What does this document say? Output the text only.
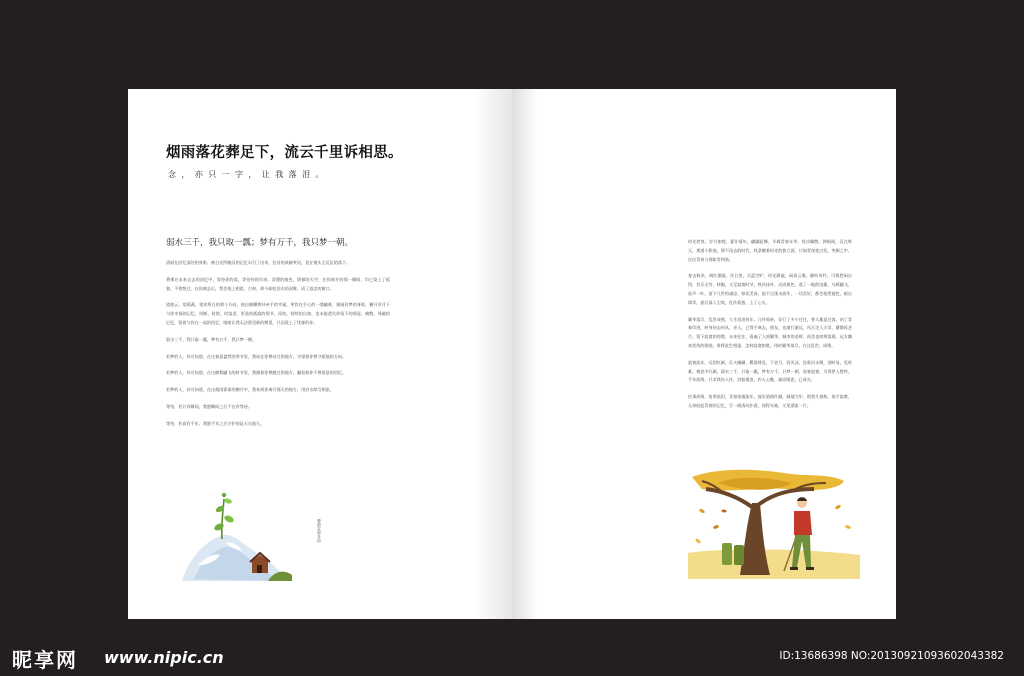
烟雨落花葬足下，流云千里诉相思。

念，亦只一字，让我落泪。

弱水三千，我只取一瓢；梦有万千，我只梦一朝。

清丽在回忆深处的身影，被日光所触及的记忆勾引了出来，往昔的欢颜笑语，竟在镜头尘沉沉的落下。

将那在未来去去的回忆中，等待你的爱，等待你的归来，淡墨的痕色，阴郁的天空，在你离开的那一瞬间，均已染上了孤独，不曾想过，在你离去后，我会染上相思，古料，却今却挂泪水的双眸，成了悬念的窗口。

望旅云，望孤燕，望你所在的那个方向，独自细嚼曾经牵手的幸福，笑饮在手心的一缕幽香，刻画若梦的身影，横开岁月下与你幸福的记忆，时断，时续，时落泪，更选的孤寂的情节，再快，持续的自如，也未能遗失你留下的情意，痛散，残破的记忆，留着与你在一起的回忆，咱咱让我无法重见新的期望，只因爱上了忧郁的你。

弱水三千，我只取一瓢，梦有万千，我只梦一朝。

若梦的人，你可知道，在这春意盎然的季节里，我站在你曾站过的地方，守望着你曾守望他的方向。

若梦的人，你可知道，在这柳絮翩飞的时节里，我湖着你曾踱过的地方，翻看着你不曾留意的回忆。

若梦的人，你可知道，在这烟雨霏霏的横月中，我来到你离开那天的地方，用泪水续写相思。

等待，若只有瞬间，我愿瞬间之后不在有等待。

等待，若真有千年，我愿千年之后守护的是天长地久。

曾经在岁月中

时光荏苒，岁月如梭，素什情年，翩翩起舞，半载青春年华，恍沙飘散，弹指间，沉在昨天，那道斗影他，那不再去的时代，线条缠着时光的独立面，只如青丝变白发，笑颜之中，泛泛青春与那如青和谐。

春去秋来，凋红潮落，往日里，天蓝空旷，时光静谧，闲看云霭，静听风吟，可调悠闲自得，其乐无穷，转眼，又至寂寞时节，秋风抚叶，泛成黄色，落了一地的沧桑，乌鸦翻飞，驻声一叶，留下几世的凄凉，如花美眷，似不过现水流年，一切美好，都会依然褪色，暗自调零，最后落入尘埃，化作孤独，上了心头。

繁华落尽，乱世成殇，人生坦坦何年，几经周转，穿行了多少过往，曾人都是过客，初了青春印迹，转身何去何从，亲人，已得手离去，朋友，也渐行渐远，风天定人天零，繁散再芝芒，留下寂寞的惊散，未来往往，看遍了人间繁华，城市的金辉，再美也终将落幕，远方飘来忧伤的歌曲，谁将此生相逢，怎料寂寞如歌，待时繁华落尽，在这乱世，成殇。

寂寞流年，远别红颜，灯火阑珊，羁准将息，下老月，西风凉，赴谁河永期，别时易，见时难，相思多红颜，弱水三千，只取一瓢，梦有万千，只梦一朝，表寒寂寞，为得伊人憔悴，千年落殇，只求我你入怀，泪如烟浪，约人心酷，凄凉眠悲，已成灾。

往事成殇，宿命依旧，青春染指流年，流年染指红颜，画地为牢，锁我几春秋，染手寂寞，无奈拾起青春的记忆，写一阕清风扑面，闻得衣袖，又见漂流一片。

昵享网 www.nipic.cn	ID:13686398 NO:20130921093602043382
